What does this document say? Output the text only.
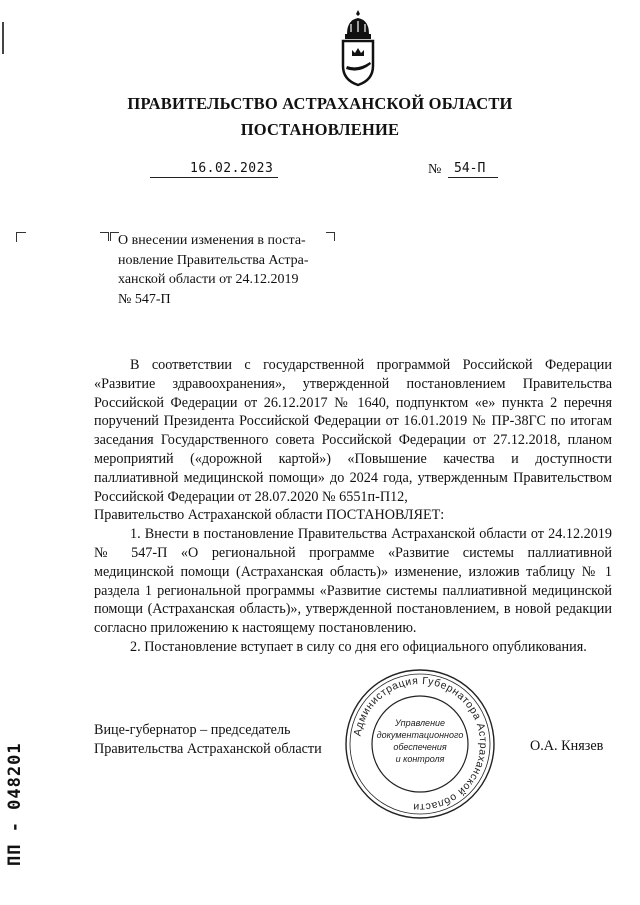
ПРАВИТЕЛЬСТВО АСТРАХАНСКОЙ ОБЛАСТИ
ПОСТАНОВЛЕНИЕ
16.02.2023	№ 54-П

О внесении изменения в поста-

новление Правительства Астра-

ханской области от 24.12.2019

№ 547-П

В соответствии с государственной программой Российской Федерации «Развитие здравоохранения», утвержденной постановлением Правительства Российской Федерации от 26.12.2017 № 1640, подпунктом «е» пункта 2 перечня поручений Президента Российской Федерации от 16.01.2019 № ПР-38ГС по итогам заседания Государственного совета Российской Федерации от 27.12.2018, планом мероприятий («дорожной картой») «Повышение качества и доступности паллиативной медицинской помощи» до 2024 года, утвержденным Правительством Российской Федерации от 28.07.2020 № 6551п-П12,

Правительство Астраханской области ПОСТАНОВЛЯЕТ:

1. Внести в постановление Правительства Астраханской области от 24.12.2019 № 547-П «О региональной программе «Развитие системы паллиативной медицинской помощи (Астраханская область)» изменение, изложив таблицу № 1 раздела 1 региональной программы «Развитие системы паллиативной медицинской помощи (Астраханская область)», утвержденной постановлением, в новой редакции согласно приложению к настоящему постановлению.

2. Постановление вступает в силу со дня его официального опубликования.

Вице-губернатор – председатель
Правительства Астраханской области	О.А. Князев
Администрация Губернатора Астраханской области
Управление
документационного
обеспечения
и контроля
ПП - 048201
